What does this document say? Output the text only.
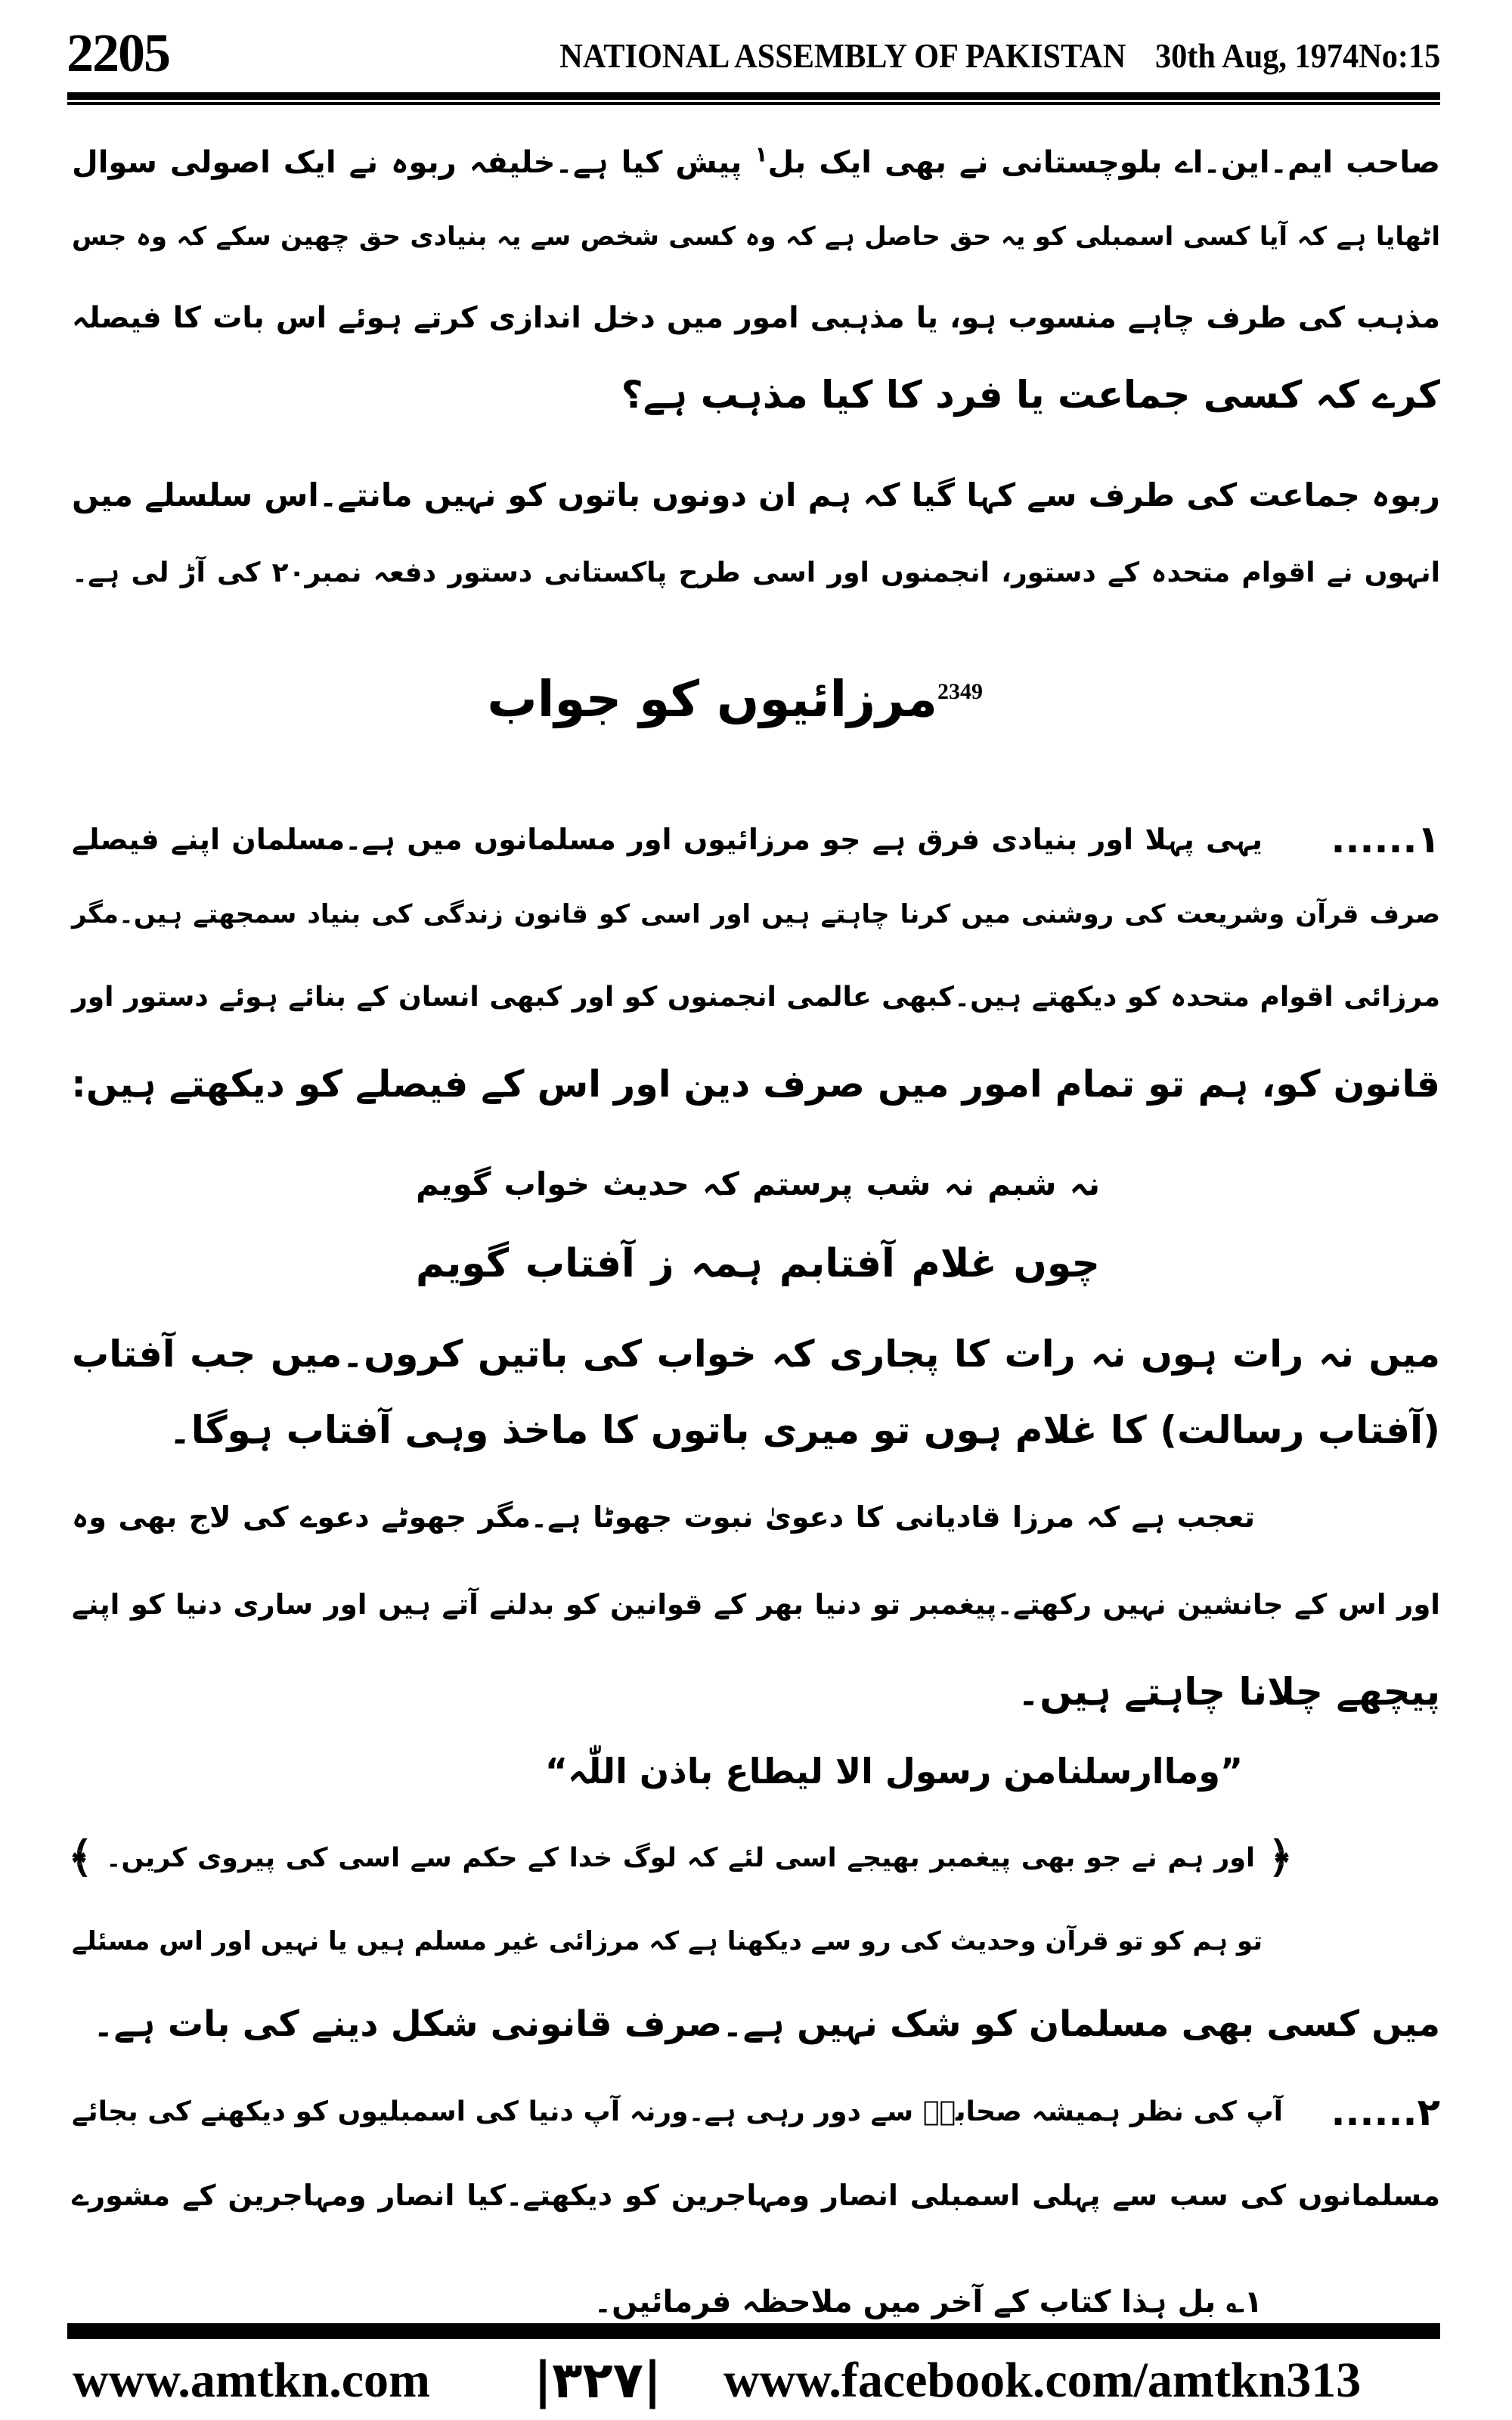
2205	NATIONAL ASSEMBLY OF PAKISTAN 30th Aug, 1974No:15
صاحب ایم۔این۔اے بلوچستانی نے بھی ایک بل$^۱$ پیش کیا ہے۔خلیفہ ربوہ نے ایک اصولی سوال
اٹھایا ہے کہ آیا کسی اسمبلی کو یہ حق حاصل ہے کہ وہ کسی شخص سے یہ بنیادی حق چھین سکے کہ وہ جس
مذہب کی طرف چاہے منسوب ہو، یا مذہبی امور میں دخل اندازی کرتے ہوئے اس بات کا فیصلہ
کرے کہ کسی جماعت یا فرد کا کیا مذہب ہے؟
ربوہ جماعت کی طرف سے کہا گیا کہ ہم ان دونوں باتوں کو نہیں مانتے۔اس سلسلے میں
انہوں نے اقوام متحدہ کے دستور، انجمنوں اور اسی طرح پاکستانی دستور دفعہ نمبر۲۰ کی آڑ لی ہے۔
$^{2349}$مرزائیوں کو جواب
۱......
یہی پہلا اور بنیادی فرق ہے جو مرزائیوں اور مسلمانوں میں ہے۔مسلمان اپنے فیصلے
صرف قرآن وشریعت کی روشنی میں کرنا چاہتے ہیں اور اسی کو قانون زندگی کی بنیاد سمجھتے ہیں۔مگر
مرزائی اقوام متحدہ کو دیکھتے ہیں۔کبھی عالمی انجمنوں کو اور کبھی انسان کے بنائے ہوئے دستور اور
قانون کو، ہم تو تمام امور میں صرف دین اور اس کے فیصلے کو دیکھتے ہیں:
نہ شبم نہ شب پرستم کہ حدیث خواب گویم
چوں غلام آفتابم ہمہ ز آفتاب گویم
میں نہ رات ہوں نہ رات کا پجاری کہ خواب کی باتیں کروں۔میں جب آفتاب
(آفتاب رسالت) کا غلام ہوں تو میری باتوں کا ماخذ وہی آفتاب ہوگا۔
تعجب ہے کہ مرزا قادیانی کا دعویٰ نبوت جھوٹا ہے۔مگر جھوٹے دعوے کی لاج بھی وہ
اور اس کے جانشین نہیں رکھتے۔پیغمبر تو دنیا بھر کے قوانین کو بدلنے آتے ہیں اور ساری دنیا کو اپنے
پیچھے چلانا چاہتے ہیں۔
”وماارسلنامن رسول الا لیطاع باذن اللّٰہ“
﴿
اور ہم نے جو بھی پیغمبر بھیجے اسی لئے کہ لوگ خدا کے حکم سے اسی کی پیروی کریں۔
﴾
تو ہم کو تو قرآن وحدیث کی رو سے دیکھنا ہے کہ مرزائی غیر مسلم ہیں یا نہیں اور اس مسئلے
میں کسی بھی مسلمان کو شک نہیں ہے۔صرف قانونی شکل دینے کی بات ہے۔
۲......
آپ کی نظر ہمیشہ صحابہؓ سے دور رہی ہے۔ورنہ آپ دنیا کی اسمبلیوں کو دیکھنے کی بجائے
مسلمانوں کی سب سے پہلی اسمبلی انصار ومہاجرین کو دیکھتے۔کیا انصار ومہاجرین کے مشورے
۱؎ بل ہذا کتاب کے آخر میں ملاحظہ فرمائیں۔
www.amtkn.com |۳۲۷| www.facebook.com/amtkn313
